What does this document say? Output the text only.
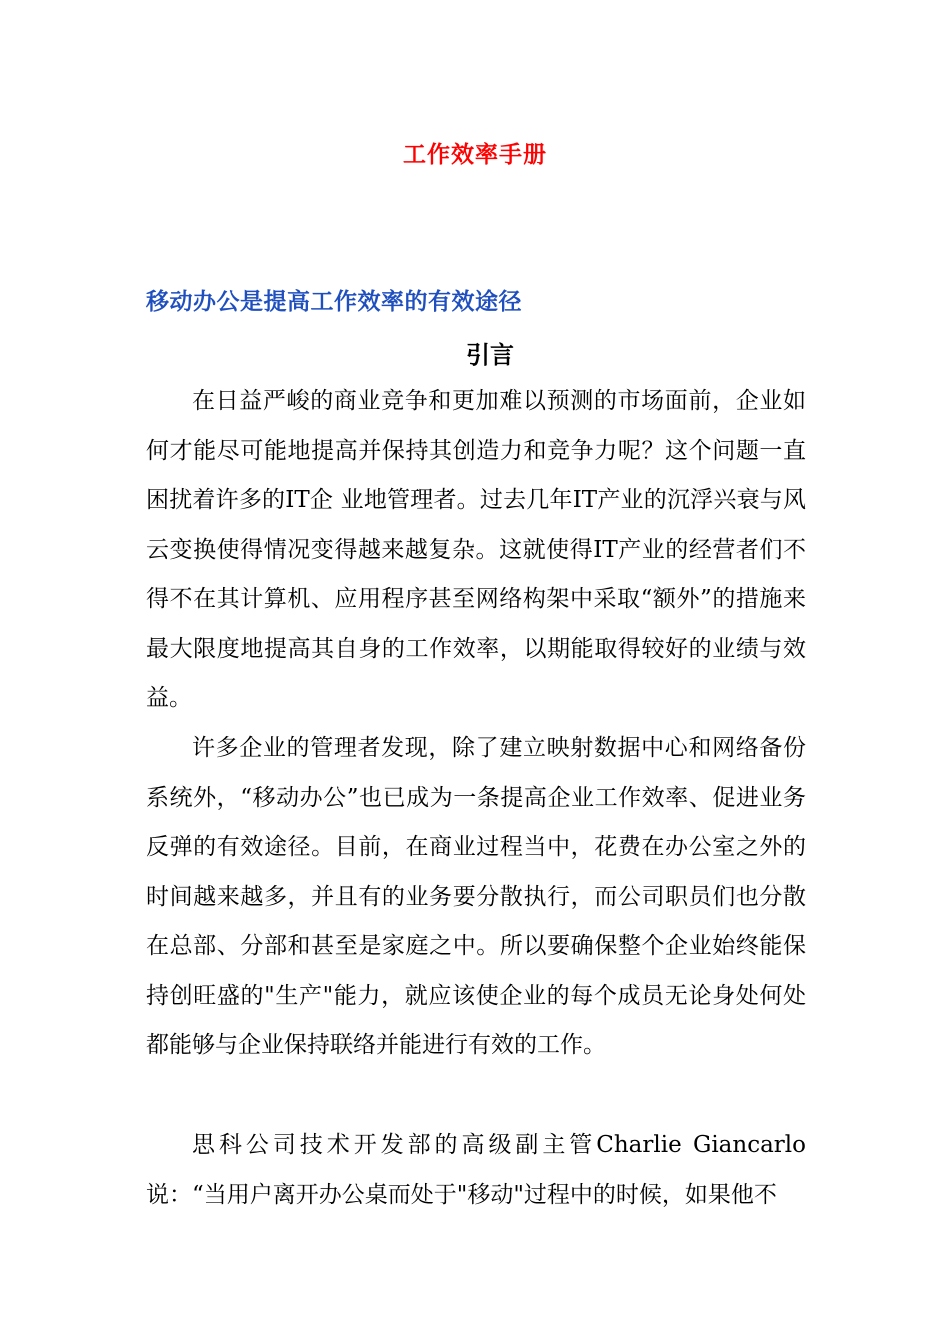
工作效率手册
移动办公是提高工作效率的有效途径
引言

在日益严峻的商业竞争和更加难以预测的市场面前，企业如何才能尽可能地提高并保持其创造力和竞争力呢？这个问题一直困扰着许多的IT企 业地管理者。过去几年IT产业的沉浮兴衰与风云变换使得情况变得越来越复杂。这就使得IT产业的经营者们不得不在其计算机、应用程序甚至网络构架中采取“额外”的措施来最大限度地提高其自身的工作效率，以期能取得较好的业绩与效益。

许多企业的管理者发现，除了建立映射数据中心和网络备份系统外，“移动办公”也已成为一条提高企业工作效率、促进业务反弹的有效途径。目前，在商业过程当中，花费在办公室之外的时间越来越多，并且有的业务要分散执行，而公司职员们也分散在总部、分部和甚至是家庭之中。所以要确保整个企业始终能保持创旺盛的"生产"能力，就应该使企业的每个成员无论身处何处都能够与企业保持联络并能进行有效的工作。

思科公司技术开发部的高级副主管Charlie Giancarlo说：“当用户离开办公桌而处于"移动"过程中的时候，如果他不
